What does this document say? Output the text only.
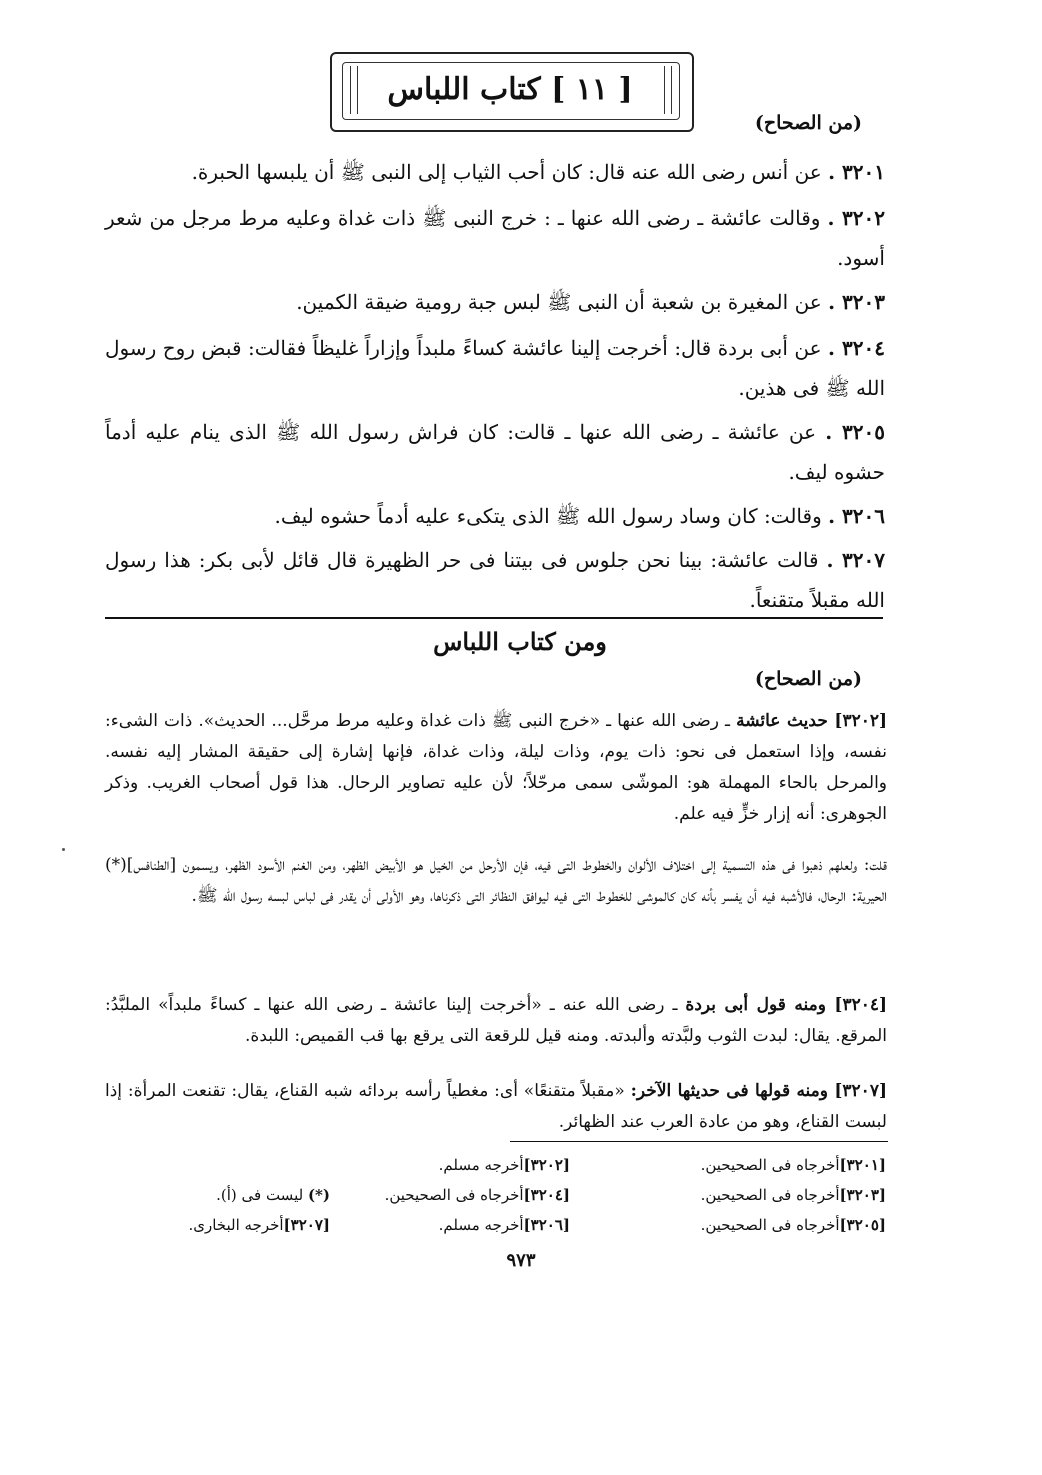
[ ١١ ] كتاب اللباس
(من الصحاح)
٣٢٠١ . عن أنس رضى الله عنه قال: كان أحب الثياب إلى النبى ﷺ أن يلبسها الحبرة.
٣٢٠٢ . وقالت عائشة ـ رضى الله عنها ـ : خرج النبى ﷺ ذات غداة وعليه مرط مرجل من شعر أسود.
٣٢٠٣ . عن المغيرة بن شعبة أن النبى ﷺ لبس جبة رومية ضيقة الكمين.
٣٢٠٤ . عن أبى بردة قال: أخرجت إلينا عائشة كساءً ملبداً وإزاراً غليظاً فقالت: قبض روح رسول الله ﷺ فى هذين.
٣٢٠٥ . عن عائشة ـ رضى الله عنها ـ قالت: كان فراش رسول الله ﷺ الذى ينام عليه أدماً حشوه ليف.
٣٢٠٦ . وقالت: كان وساد رسول الله ﷺ الذى يتكىء عليه أدماً حشوه ليف.
٣٢٠٧ . قالت عائشة: بينا نحن جلوس فى بيتنا فى حر الظهيرة قال قائل لأبى بكر: هذا رسول الله مقبلاً متقنعاً.
ومن كتاب اللباس
(من الصحاح)
[٣٢٠٢] حديث عائشة ـ رضى الله عنها ـ «خرج النبى ﷺ ذات غداة وعليه مرط مرحَّل... الحديث». ذات الشىء: نفسه، وإذا استعمل فى نحو: ذات يوم، وذات ليلة، وذات غداة، فإنها إشارة إلى حقيقة المشار إليه نفسه. والمرحل بالحاء المهملة هو: الموشّى سمى مرحّلاً؛ لأن عليه تصاوير الرحال. هذا قول أصحاب الغريب. وذكر الجوهرى: أنه إزار خزٍّ فيه علم.
قلت: ولعلهم ذهبوا فى هذه التسمية إلى اختلاف الألوان والخطوط التى فيه، فإن الأرحل من الخيل هو الأبيض الظهر، ومن الغنم الأسود الظهر، ويسمون [الطنافس](*) الحيرية: الرحال، فالأشبه فيه أن يفسر بأنه كان كالموشى للخطوط التى فيه ليوافق النظائر التى ذكرناها، وهو الأولى أن يقدر فى لباس لبسه رسول الله ﷺ.
[٣٢٠٤] ومنه قول أبى بردة ـ رضى الله عنه ـ «أخرجت إلينا عائشة ـ رضى الله عنها ـ كساءً ملبداً» الملبَّدُ: المرقع. يقال: لبدت الثوب ولبَّدته وألبدته. ومنه قيل للرقعة التى يرقع بها قب القميص: اللبدة.
[٣٢٠٧] ومنه قولها فى حديثها الآخر: «مقبلاً متقنعًا» أى: مغطياً رأسه بردائه شبه القناع، يقال: تقنعت المرأة: إذا لبست القناع، وهو من عادة العرب عند الظهائر.
[٣٢٠١]أخرجاه فى الصحيحين.
[٣٢٠٢]أخرجه مسلم.
[٣٢٠٣]أخرجاه فى الصحيحين.
[٣٢٠٤]أخرجاه فى الصحيحين.
(*) ليست فى (أ).
[٣٢٠٥]أخرجاه فى الصحيحين.
[٣٢٠٦]أخرجه مسلم.
[٣٢٠٧]أخرجه البخارى.
٩٧٣
